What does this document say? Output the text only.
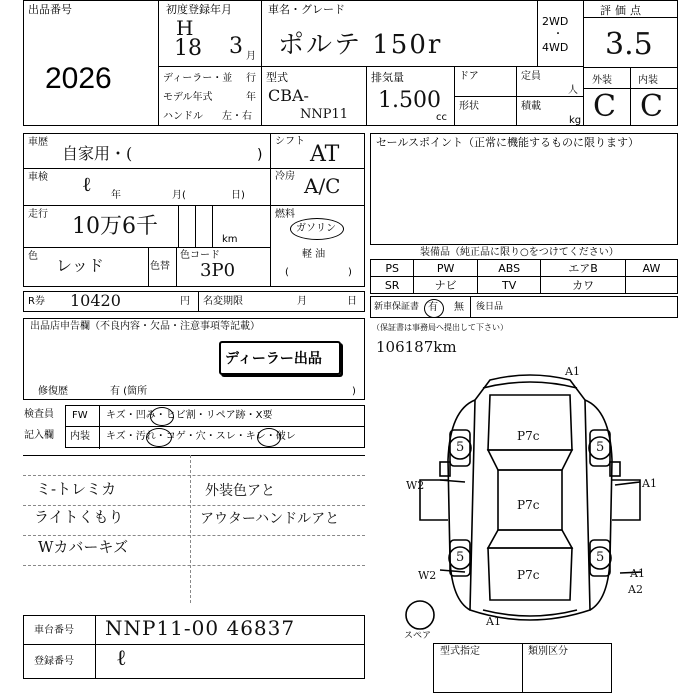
出品番号
2026
初度登録年月
H
18 3 月
車名・グレード
ポルテ 150r
2WD
・
4WD
評価点
3.5
外装	内装
C C
ディーラー・並 行
モデル年式	年
ハンドル 左・右
型式
CBA-
NNP11
排気量
1.500
cc
ドア
形状
定員
人
積載
kg
車歴
自家用・(	)
車検 ℓ 年	月(	日)
走行 10万6千
km
色 レッド	色替
色コード
3P0
シフト
AT
冷房 A/C
燃料
ガソリン
軽 油
(	)
セールスポイント（正常に機能するものに限ります）
装備品（純正品に限り○をつけてください）
PS	PW	ABS	エアB	AW
SR	ナビ	TV	カワ	
R券 10420	円 名変期限	月	日 新車保証書 有 無 後日品
（保証書は事務局へ提出して下さい）
出品店申告欄（不良内容・欠品・注意事項等記載）
ディーラー出品
修復歴	有 (箇所	)
106187km
検査員
記入欄
FW キズ・凹み・ヒビ割・リペア跡・X要
内装 キズ・汚れ・コゲ・穴・スレ・キレ・破レ
ミ-トレミカ
ライトくもり
Wカバーキズ
外装色アと
アウターハンドルアと
A1
A1
W2	A1
W2	A1
A2
5	5
5	5
P7c
P7c
P7c
スペア
車台番号 NNP11-00 46837
登録番号 ℓ	型式指定	類別区分
